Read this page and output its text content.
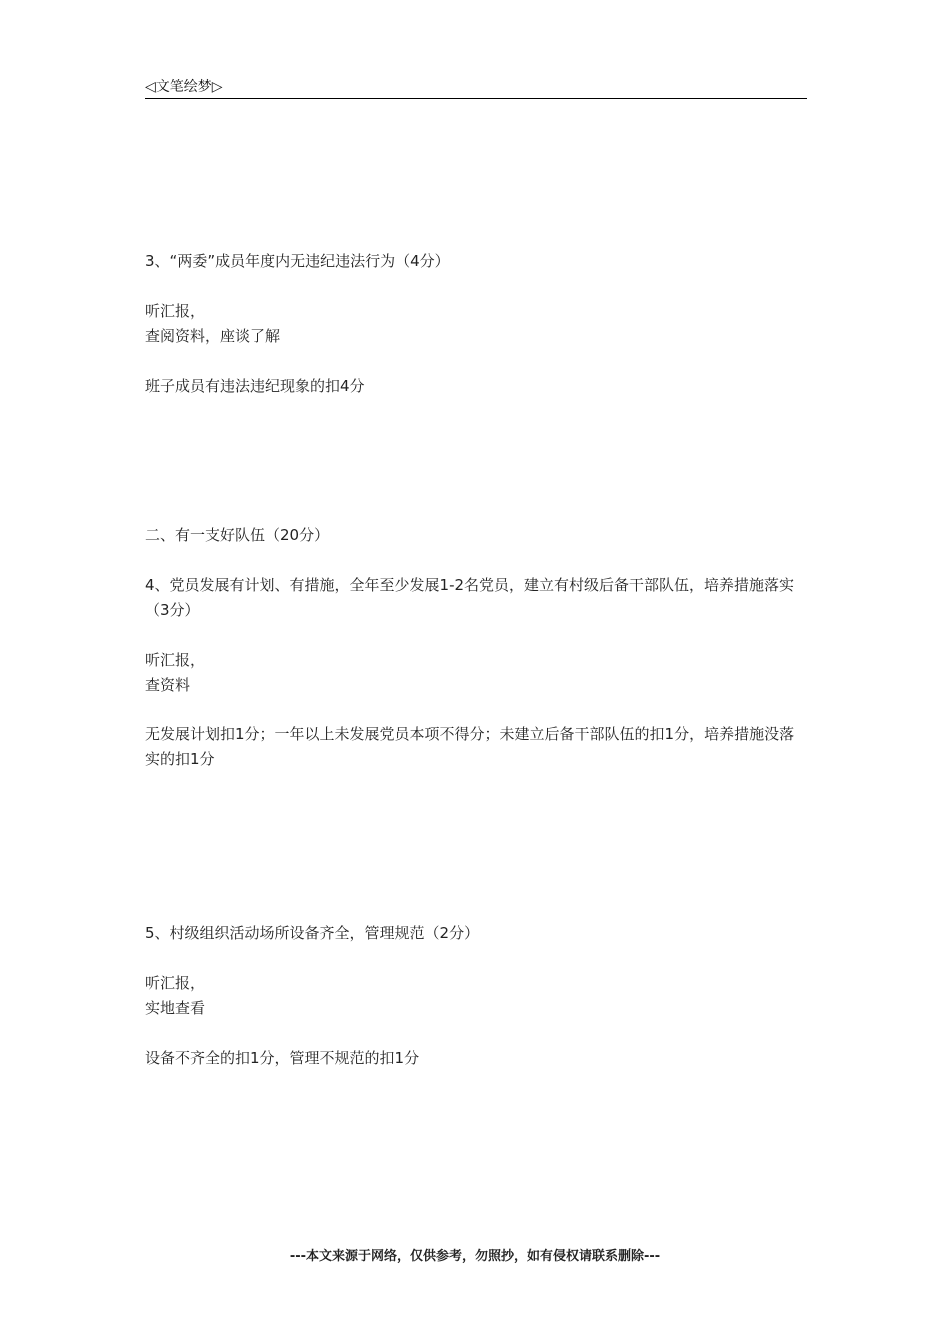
◁文笔绘梦▷
3、“两委”成员年度内无违纪违法行为（4分）
听汇报，
查阅资料，座谈了解
班子成员有违法违纪现象的扣4分
二、有一支好队伍（20分）
4、党员发展有计划、有措施，全年至少发展1-2名党员，建立有村级后备干部队伍，培养措施落实（3分）
听汇报，
查资料
无发展计划扣1分；一年以上未发展党员本项不得分；未建立后备干部队伍的扣1分，培养措施没落实的扣1分
5、村级组织活动场所设备齐全，管理规范（2分）
听汇报，
实地查看
设备不齐全的扣1分，管理不规范的扣1分
---本文来源于网络，仅供参考，勿照抄，如有侵权请联系删除---
